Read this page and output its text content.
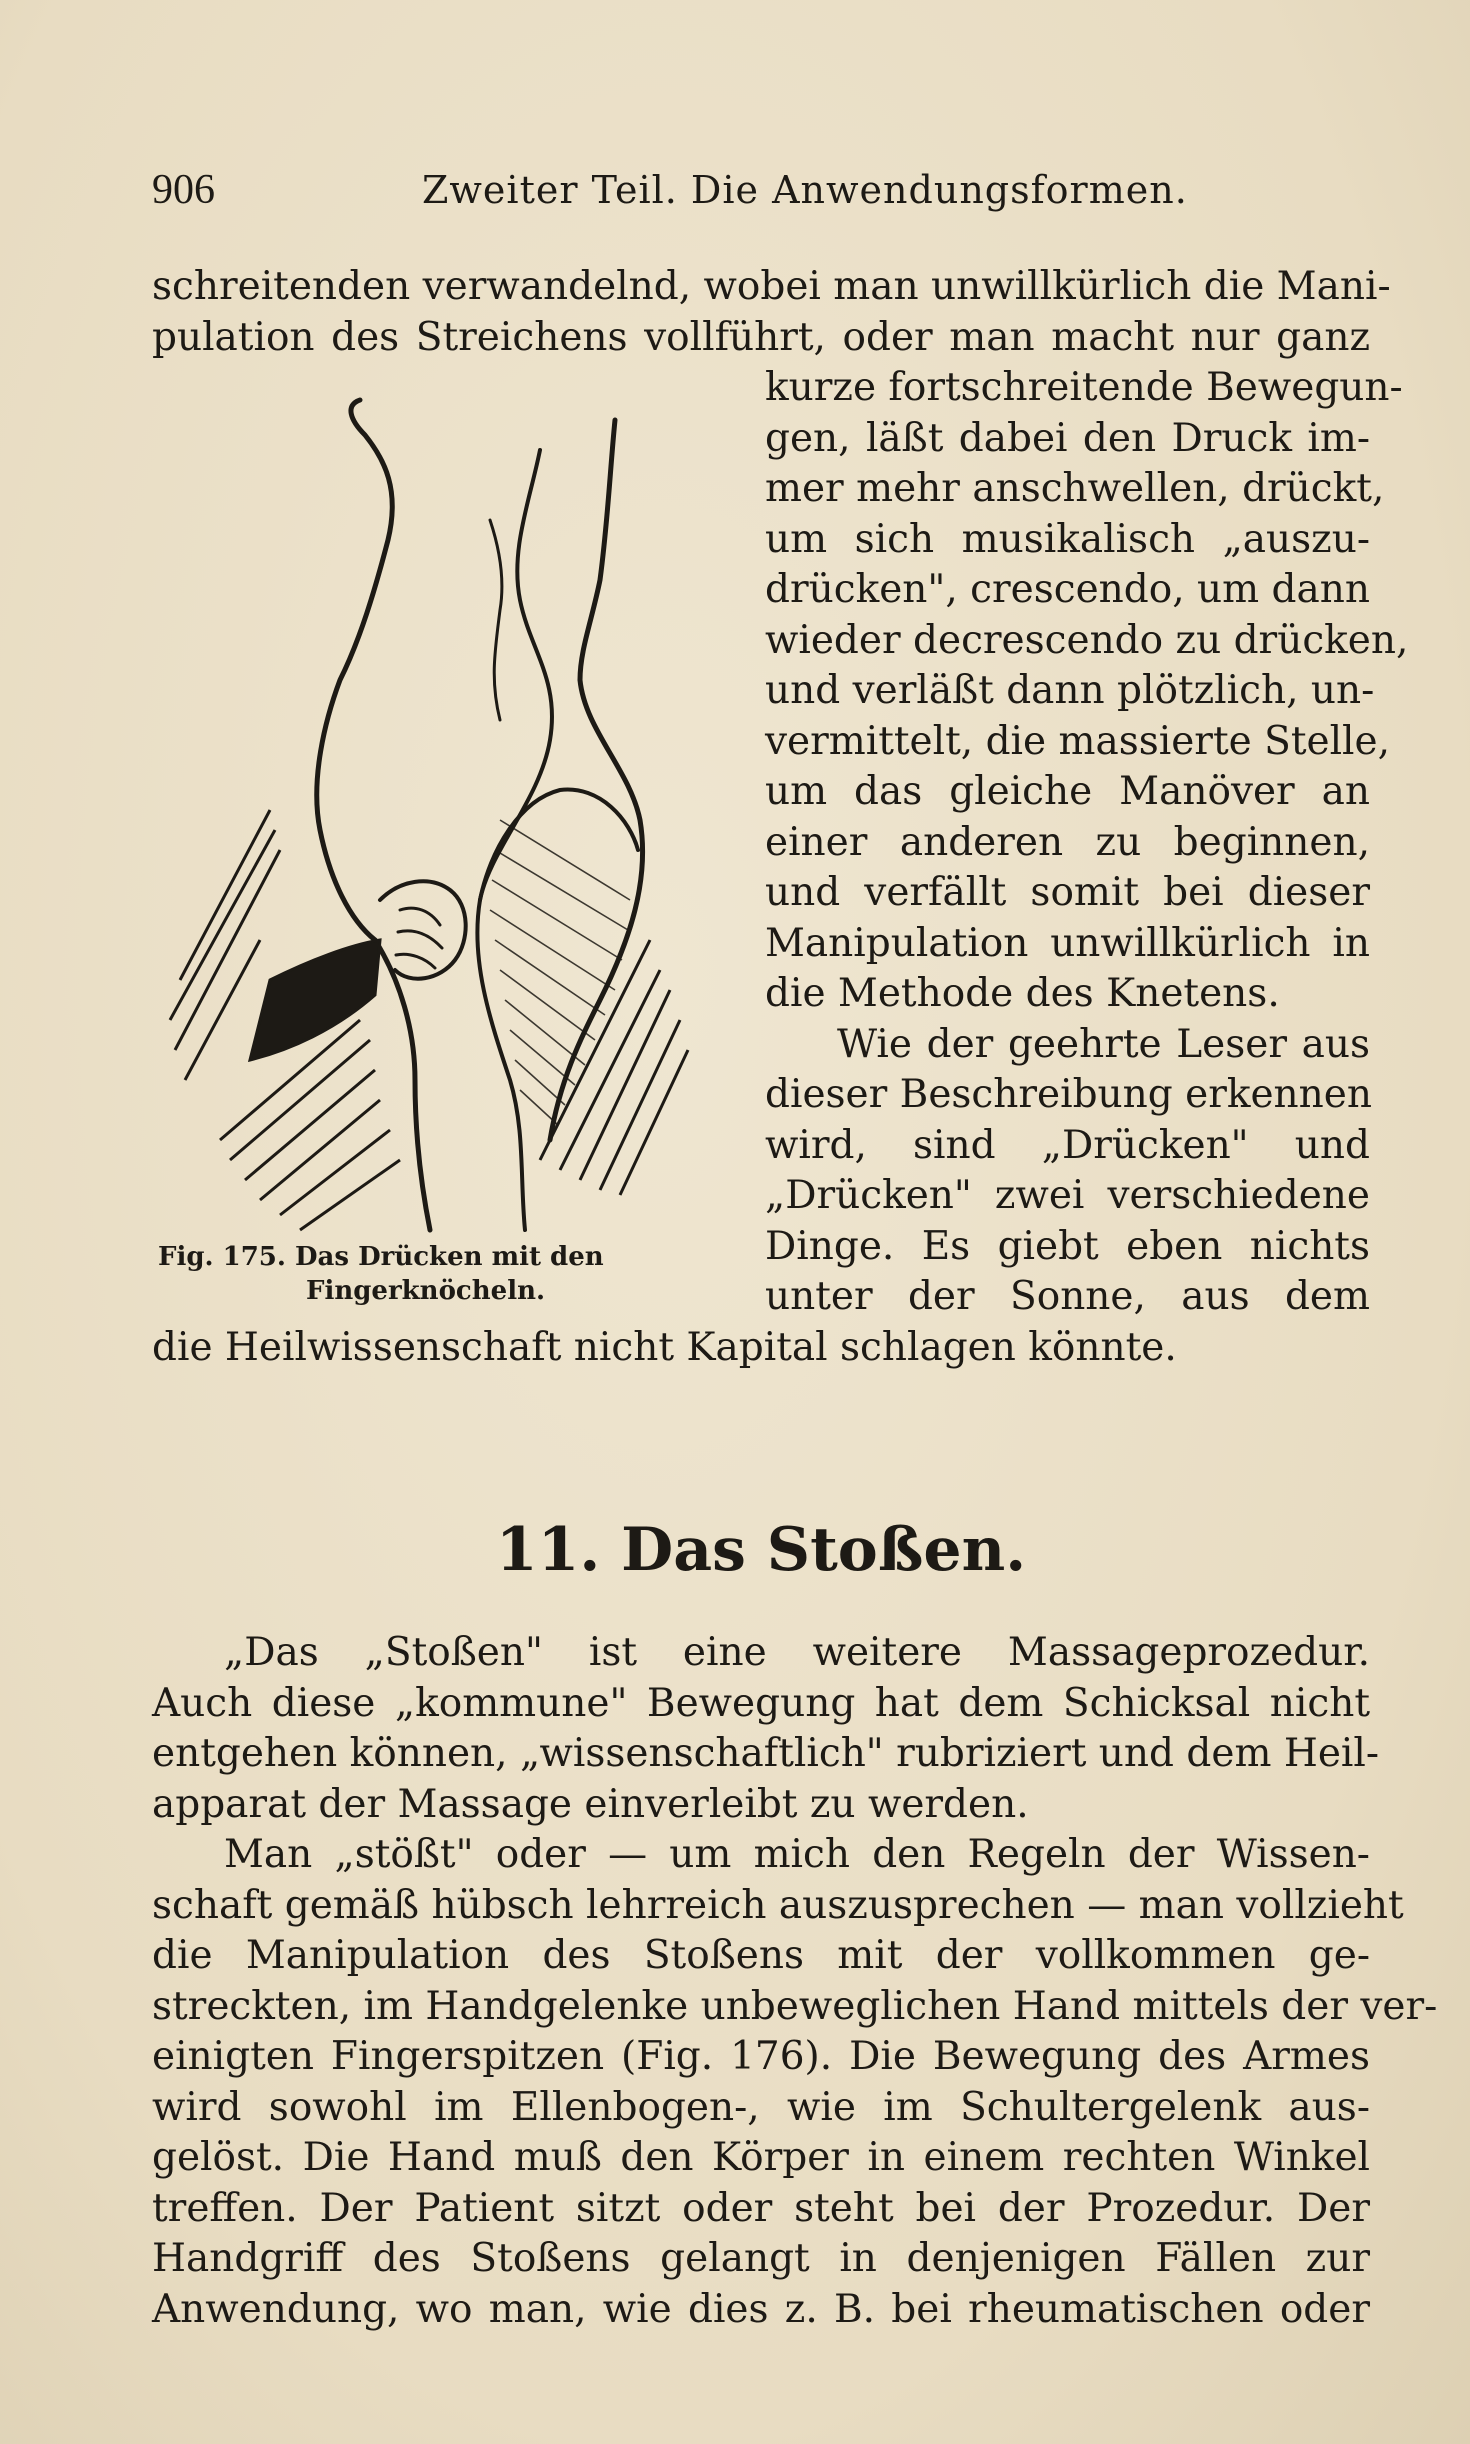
906	Zweiter Teil. Die Anwendungsformen.
schreitenden verwandelnd, wobei man unwillkürlich die Mani-
pulation des Streichens vollführt, oder man macht nur ganz
kurze fortschreitende Bewegun-
gen, läßt dabei den Druck im-
mer mehr anschwellen, drückt,
um sich musikalisch „auszu-
drücken", crescendo, um dann
wieder decrescendo zu drücken,
und verläßt dann plötzlich, un-
vermittelt, die massierte Stelle,
um das gleiche Manöver an
einer anderen zu beginnen,
und verfällt somit bei dieser
Manipulation unwillkürlich in
die Methode des Knetens.
Wie der geehrte Leser aus
dieser Beschreibung erkennen
wird, sind „Drücken" und
„Drücken" zwei verschiedene
Dinge. Es giebt eben nichts
unter der Sonne, aus dem
die Heilwissenschaft nicht Kapital schlagen könnte.
Fig. 175. Das Drücken mit den
Fingerknöcheln.
11. Das Stoßen.
„Das „Stoßen" ist eine weitere Massageprozedur.
Auch diese „kommune" Bewegung hat dem Schicksal nicht
entgehen können, „wissenschaftlich" rubriziert und dem Heil-
apparat der Massage einverleibt zu werden.
Man „stößt" oder — um mich den Regeln der Wissen-
schaft gemäß hübsch lehrreich auszusprechen — man vollzieht
die Manipulation des Stoßens mit der vollkommen ge-
streckten, im Handgelenke unbeweglichen Hand mittels der ver-
einigten Fingerspitzen (Fig. 176). Die Bewegung des Armes
wird sowohl im Ellenbogen-, wie im Schultergelenk aus-
gelöst. Die Hand muß den Körper in einem rechten Winkel
treffen. Der Patient sitzt oder steht bei der Prozedur. Der
Handgriff des Stoßens gelangt in denjenigen Fällen zur
Anwendung, wo man, wie dies z. B. bei rheumatischen oder
